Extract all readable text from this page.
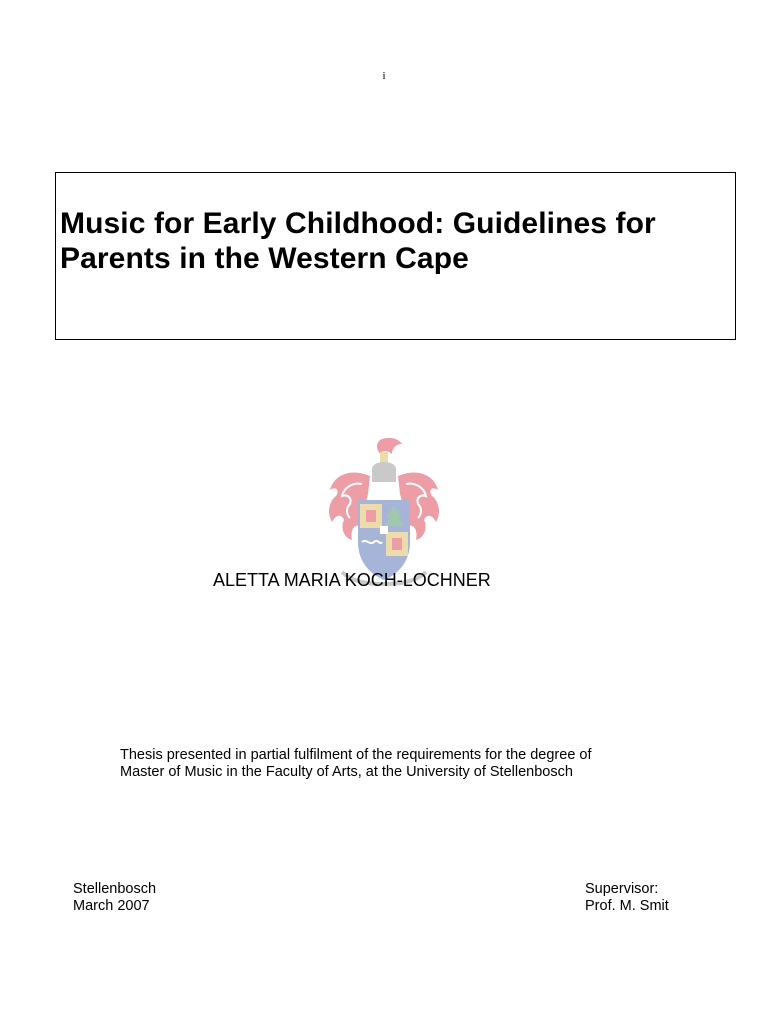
i
Music for Early Childhood: Guidelines for
Parents in the Western Cape

ALETTA MARIA KOCH-LOCHNER

Thesis presented in partial fulfilment of the requirements for the degree of
Master of Music in the Faculty of Arts, at the University of Stellenbosch

Stellenbosch
March 2007
Supervisor:
Prof. M. Smit
